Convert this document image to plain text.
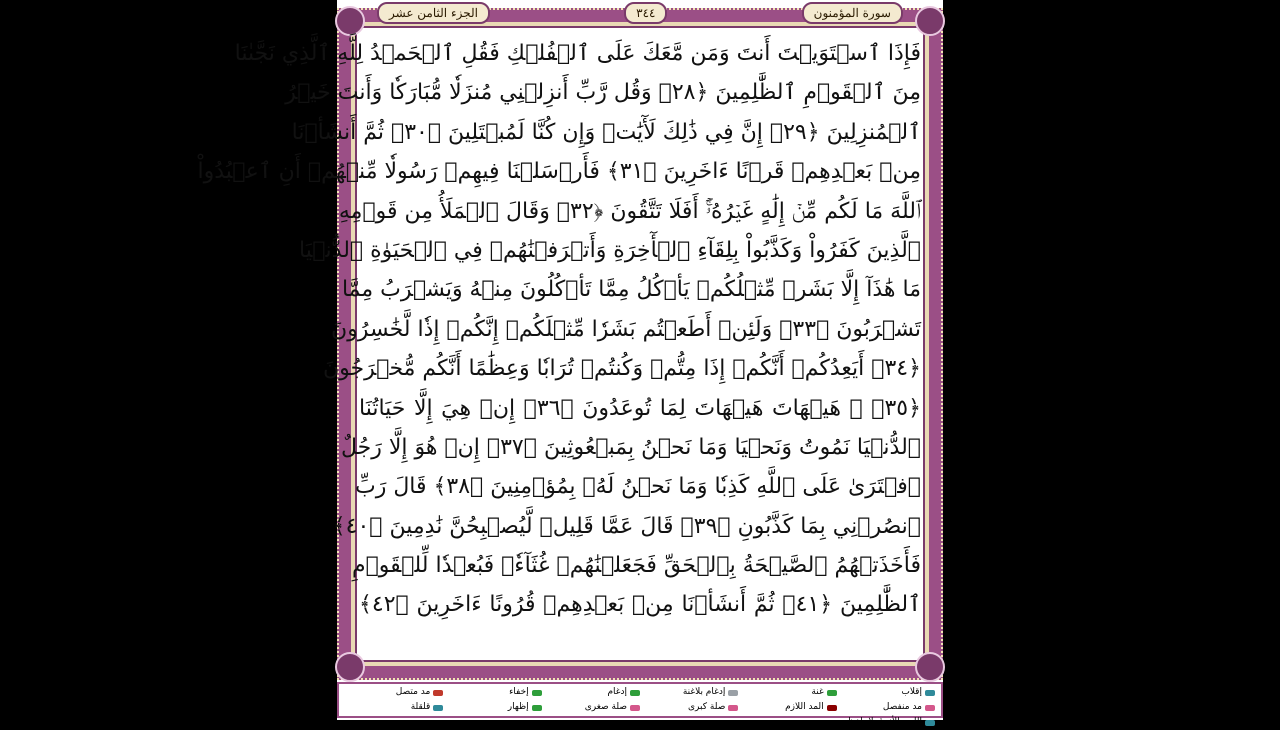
الجزء الثامن عشر	٣٤٤	سورة المؤمنون
فَإِذَا ٱسۡتَوَيۡتَ أَنتَ وَمَن مَّعَكَ عَلَى ٱلۡفُلۡكِ فَقُلِ ٱلۡحَمۡدُ لِلَّهِ ٱلَّذِي نَجَّىٰنَا
مِنَ ٱلۡقَوۡمِ ٱلظَّٰلِمِينَ ﴿٢٨﴾ وَقُل رَّبِّ أَنزِلۡنِي مُنزَلٗا مُّبَارَكٗا وَأَنتَ خَيۡرُ
ٱلۡمُنزِلِينَ ﴿٢٩﴾ إِنَّ فِي ذَٰلِكَ لَأٓيَٰتٖ وَإِن كُنَّا لَمُبۡتَلِينَ ﴿٣٠﴾ ثُمَّ أَنشَأۡنَا
مِنۢ بَعۡدِهِمۡ قَرۡنًا ءَاخَرِينَ ﴿٣١﴾ فَأَرۡسَلۡنَا فِيهِمۡ رَسُولٗا مِّنۡهُمۡ أَنِ ٱعۡبُدُواْ
ٱللَّهَ مَا لَكُم مِّنۡ إِلَٰهٍ غَيۡرُهُۥٓۚ أَفَلَا تَتَّقُونَ ﴿٣٢﴾ وَقَالَ ٱلۡمَلَأُ مِن قَوۡمِهِ
ٱلَّذِينَ كَفَرُواْ وَكَذَّبُواْ بِلِقَآءِ ٱلۡأٓخِرَةِ وَأَتۡرَفۡنَٰهُمۡ فِي ٱلۡحَيَوٰةِ ٱلدُّنۡيَا
مَا هَٰذَآ إِلَّا بَشَرٞ مِّثۡلُكُمۡ يَأۡكُلُ مِمَّا تَأۡكُلُونَ مِنۡهُ وَيَشۡرَبُ مِمَّا
تَشۡرَبُونَ ﴿٣٣﴾ وَلَئِنۡ أَطَعۡتُم بَشَرٗا مِّثۡلَكُمۡ إِنَّكُمۡ إِذٗا لَّخَٰسِرُونَ
﴿٣٤﴾ أَيَعِدُكُمۡ أَنَّكُمۡ إِذَا مِتُّمۡ وَكُنتُمۡ تُرَابٗا وَعِظَٰمًا أَنَّكُم مُّخۡرَجُونَ
﴿٣٥﴾ ۞ هَيۡهَاتَ هَيۡهَاتَ لِمَا تُوعَدُونَ ﴿٣٦﴾ إِنۡ هِيَ إِلَّا حَيَاتُنَا
ٱلدُّنۡيَا نَمُوتُ وَنَحۡيَا وَمَا نَحۡنُ بِمَبۡعُوثِينَ ﴿٣٧﴾ إِنۡ هُوَ إِلَّا رَجُلٌ
ٱفۡتَرَىٰ عَلَى ٱللَّهِ كَذِبٗا وَمَا نَحۡنُ لَهُۥ بِمُؤۡمِنِينَ ﴿٣٨﴾ قَالَ رَبِّ
ٱنصُرۡنِي بِمَا كَذَّبُونِ ﴿٣٩﴾ قَالَ عَمَّا قَلِيلٖ لَّيُصۡبِحُنَّ نَٰدِمِينَ ﴿٤٠﴾
فَأَخَذَتۡهُمُ ٱلصَّيۡحَةُ بِٱلۡحَقِّ فَجَعَلۡنَٰهُمۡ غُثَآءٗۚ فَبُعۡدٗا لِّلۡقَوۡمِ
ٱلظَّٰلِمِينَ ﴿٤١﴾ ثُمَّ أَنشَأۡنَا مِنۢ بَعۡدِهِمۡ قُرُونًا ءَاخَرِينَ ﴿٤٢﴾
إقلاب
غنة
إدغام بلاغنة
إدغام
إخفاء
مد متصل
مد منفصل
المد اللازم
صلة كبرى
صلة صغرى
إظهار
قلقلة
اللون الأزرق لا يلفظ
